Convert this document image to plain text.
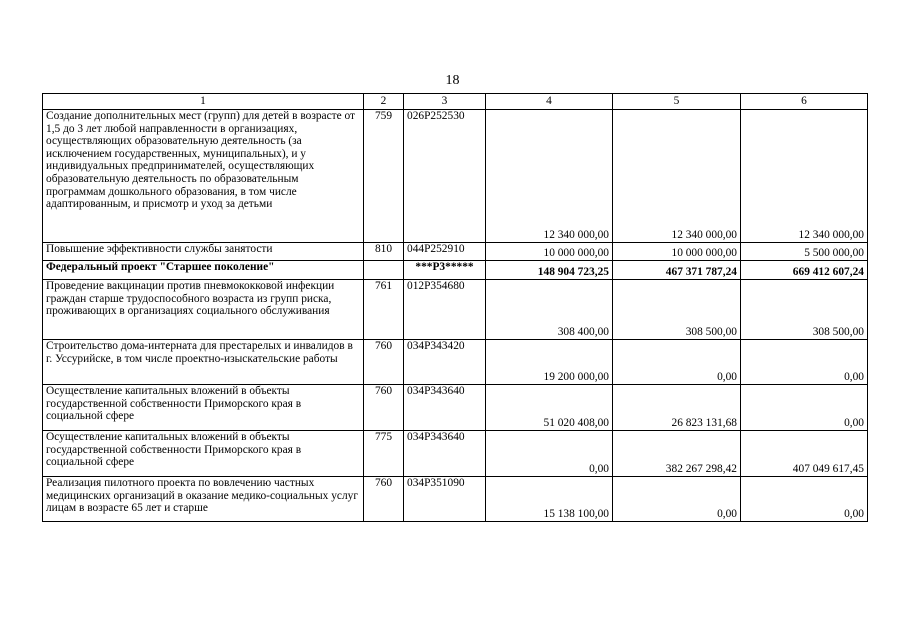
18
1	2	3	4	5	6
Создание дополнительных мест (групп) для детей в возрасте от 1,5 до 3 лет любой направленности в организациях, осуществляющих образовательную деятельность (за исключением государственных, муниципальных), и у индивидуальных предпринимателей, осуществляющих образовательную деятельность по образовательным программам дошкольного образования, в том числе адаптированным, и присмотр и уход за детьми	759	026P252530	12 340 000,00	12 340 000,00	12 340 000,00
Повышение эффективности службы занятости	810	044P252910	10 000 000,00	10 000 000,00	5 500 000,00
Федеральный проект "Старшее поколение"		***P3*****	148 904 723,25	467 371 787,24	669 412 607,24
Проведение вакцинации против пневмококковой инфекции граждан старше трудоспособного возраста из групп риска, проживающих в организациях социального обслуживания	761	012P354680	308 400,00	308 500,00	308 500,00
Строительство дома-интерната для престарелых и инвалидов в г. Уссурийске, в том числе проектно-изыскательские работы	760	034P343420	19 200 000,00	0,00	0,00
Осуществление капитальных вложений в объекты государственной собственности Приморского края в социальной сфере	760	034P343640	51 020 408,00	26 823 131,68	0,00
Осуществление капитальных вложений в объекты государственной собственности Приморского края в социальной сфере	775	034P343640	0,00	382 267 298,42	407 049 617,45
Реализация пилотного проекта по вовлечению частных медицинских организаций в оказание медико-социальных услуг лицам в возрасте 65 лет и старше	760	034P351090	15 138 100,00	0,00	0,00
